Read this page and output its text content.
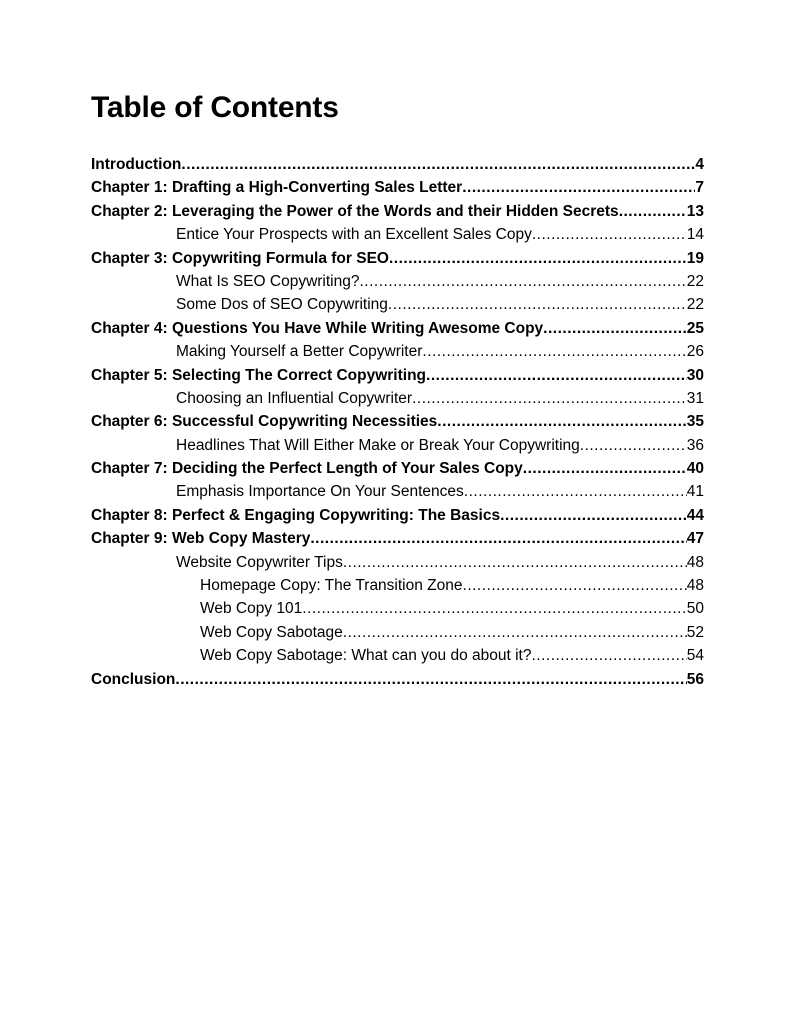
Table of Contents
Introduction .....	4
Chapter 1: Drafting a High-Converting Sales Letter .....	7
Chapter 2: Leveraging the Power of the Words and their Hidden Secrets .....	13
Entice Your Prospects with an Excellent Sales Copy .....	14
Chapter 3: Copywriting Formula for SEO .....	19
What Is SEO Copywriting? .....	22
Some Dos of SEO Copywriting .....	22
Chapter 4: Questions You Have While Writing Awesome Copy .....	25
Making Yourself a Better Copywriter .....	26
Chapter 5: Selecting The Correct Copywriting .....	30
Choosing an Influential Copywriter .....	31
Chapter 6: Successful Copywriting Necessities .....	35
Headlines That Will Either Make or Break Your Copywriting .....	36
Chapter 7: Deciding the Perfect Length of Your Sales Copy .....	40
Emphasis Importance On Your Sentences .....	41
Chapter 8: Perfect & Engaging Copywriting: The Basics .....	44
Chapter 9: Web Copy Mastery .....	47
Website Copywriter Tips .....	48
Homepage Copy: The Transition Zone .....	48
Web Copy 101 .....	50
Web Copy Sabotage .....	52
Web Copy Sabotage: What can you do about it? .....	54
Conclusion .....	56
